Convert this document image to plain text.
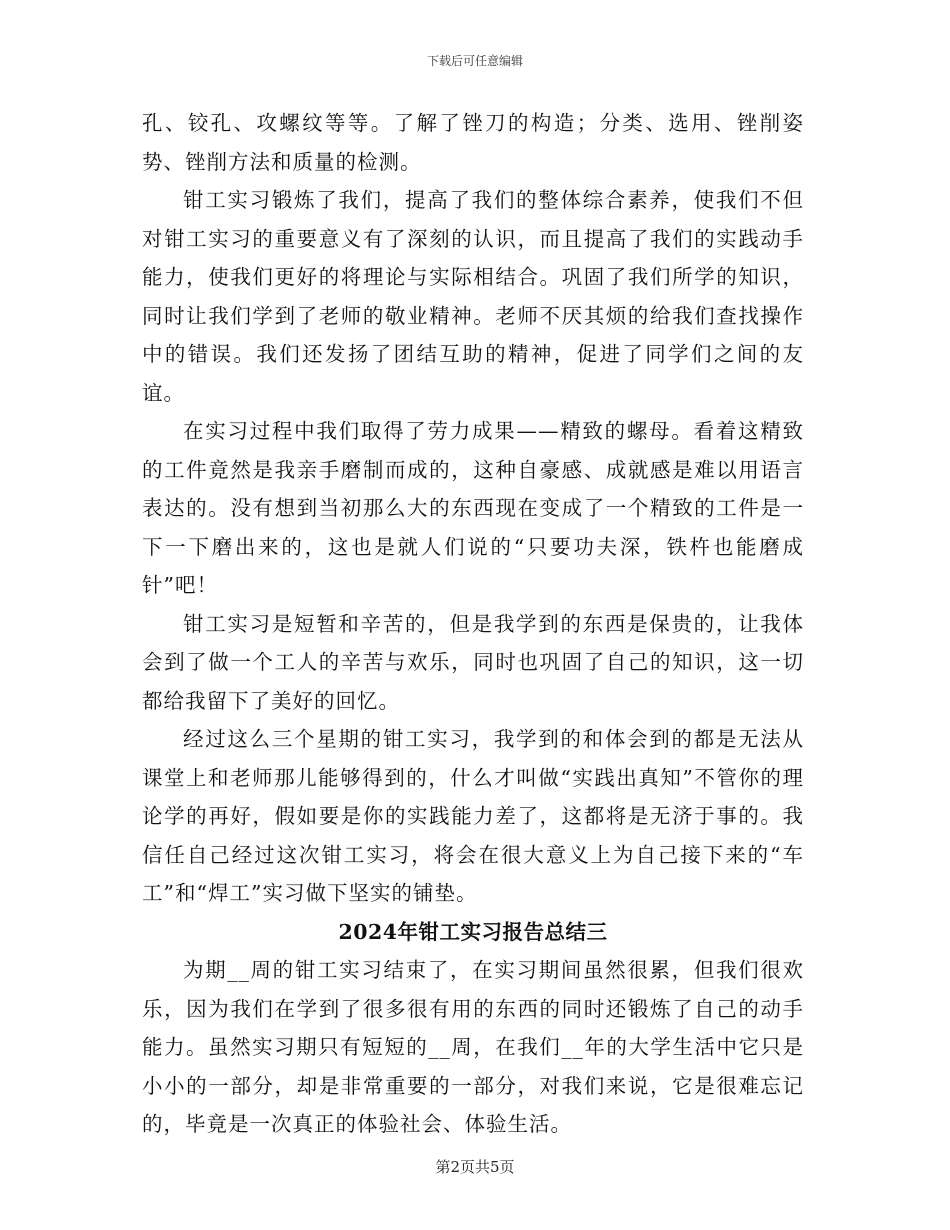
下载后可任意编辑

孔、铰孔、攻螺纹等等。了解了锉刀的构造；分类、选用、锉削姿势、锉削方法和质量的检测。

钳工实习锻炼了我们，提高了我们的整体综合素养，使我们不但对钳工实习的重要意义有了深刻的认识，而且提高了我们的实践动手能力，使我们更好的将理论与实际相结合。巩固了我们所学的知识，同时让我们学到了老师的敬业精神。老师不厌其烦的给我们查找操作中的错误。我们还发扬了团结互助的精神，促进了同学们之间的友谊。

在实习过程中我们取得了劳力成果——精致的螺母。看着这精致的工件竟然是我亲手磨制而成的，这种自豪感、成就感是难以用语言表达的。没有想到当初那么大的东西现在变成了一个精致的工件是一下一下磨出来的，这也是就人们说的“只要功夫深，铁杵也能磨成针”吧！

钳工实习是短暂和辛苦的，但是我学到的东西是保贵的，让我体会到了做一个工人的辛苦与欢乐，同时也巩固了自己的知识，这一切都给我留下了美好的回忆。

经过这么三个星期的钳工实习，我学到的和体会到的都是无法从课堂上和老师那儿能够得到的，什么才叫做“实践出真知”不管你的理论学的再好，假如要是你的实践能力差了，这都将是无济于事的。我信任自己经过这次钳工实习，将会在很大意义上为自己接下来的“车工”和“焊工”实习做下坚实的铺垫。

2024年钳工实习报告总结三

为期__周的钳工实习结束了，在实习期间虽然很累，但我们很欢乐，因为我们在学到了很多很有用的东西的同时还锻炼了自己的动手能力。虽然实习期只有短短的__周，在我们__年的大学生活中它只是小小的一部分，却是非常重要的一部分，对我们来说，它是很难忘记的，毕竟是一次真正的体验社会、体验生活。

第2页共5页
